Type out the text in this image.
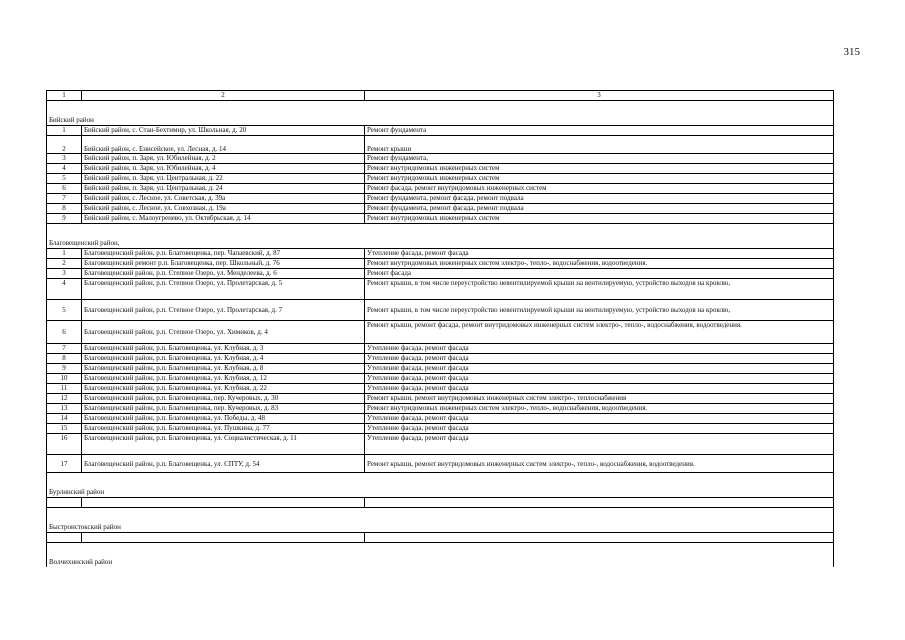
315
1	2	3

Бийский район		
1	Бийский район, с. Стан-Бехтимир, ул. Школьная, д. 20	Ремонт фундамента
2	Бийский район, с. Енисейское, ул. Лесная, д. 14	Ремонт крыши
3	Бийский район, п. Заря, ул. Юбилейная, д. 2	Ремонт фундамента,
4	Бийский район, п. Заря, ул. Юбилейная, д. 4	Ремонт внутридомовых инженерных систем
5	Бийский район, п. Заря, ул. Центральная, д. 22	Ремонт внутридомовых инженерных систем
6	Бийский район, п. Заря, ул. Центральная, д. 24	Ремонт фасада, ремонт внутридомовых инженерных систем
7	Бийский район, с. Лесное, ул. Советская, д. 39а	Ремонт фундамента, ремонт фасада, ремонт подвала
8	Бийский район, с. Лесное, ул. Совхозная, д. 19а	Ремонт фундамента, ремонт фасада, ремонт подвала
9	Бийский район, с. Малоугренево, ул. Октябрьская, д. 14	Ремонт внутридомовых инженерных систем

Благовещенский район,		
1	Благовещенский район, р.п. Благовещенка, пер. Чапаевский, д. 87	Утепление фасада, ремонт фасада
2	Благовещенский ремонт р.п. Благовещенка, пер. Школьный, д. 76	Ремонт внутридомовых инженерных систем электро-, тепло-, водоснабжения, водоотведения.
3	Благовещенский район, р.п. Степное Озеро, ул. Менделеева, д. 6	Ремонт фасада
4	Благовещенский район, р.п. Степное Озеро, ул. Пролетарская, д. 5	Ремонт крыши, в том числе переустройство невентилируемой крыши на вентилируемую, устройство выходов на кровлю,
5	Благовещенский район, р.п. Степное Озеро, ул. Пролетарская, д. 7	Ремонт крыши, в том числе переустройство невентилируемой крыши на вентилируемую, устройство выходов на кровлю,
6	Благовещенский район, р.п. Степное Озеро, ул. Химиков, д. 4	Ремонт крыши, ремонт фасада, ремонт внутридомовых инженерных систем электро-, тепло-, водоснабжения, водоотведения.
7	Благовещенский район, р.п. Благовещенка, ул. Клубная, д. 3	Утепление фасада, ремонт фасада
8	Благовещенский район, р.п. Благовещенка, ул. Клубная, д. 4	Утепление фасада, ремонт фасада
9	Благовещенский район, р.п. Благовещенка, ул. Клубная, д. 8	Утепление фасада, ремонт фасада
10	Благовещенский район, р.п. Благовещенка, ул. Клубная, д. 12	Утепление фасада, ремонт фасада
11	Благовещенский район, р.п. Благовещенка, ул. Клубная, д. 22	Утепление фасада, ремонт фасада
12	Благовещенский район, р.п. Благовещенка, пер. Кучеровых, д. 30	Ремонт крыши, ремонт внутридомовых инженерных систем электро-, теплоснабжения
13	Благовещенский район, р.п. Благовещенка, пер. Кучеровых, д. 83	Ремонт внутридомовых инженерных систем электро-, тепло-, водоснабжения, водоотведения.
14	Благовещенский район, р.п. Благовещенка, ул. Победы, д. 48	Утепление фасада, ремонт фасада
15	Благовещенский район, р.п. Благовещенка, ул. Пушкина, д. 77	Утепление фасада, ремонт фасада
16	Благовещенский район, р.п. Благовещенка, ул. Социалистическая, д. 11	Утепление фасада, ремонт фасада
17	Благовещенский район, р.п. Благовещенка, ул. СПТУ, д. 54	Ремонт крыши, ремонт внутридомовых инженерных систем электро-, тепло-, водоснабжения, водоотведения.

Бурлинский район		

Быстроистокский район		

Волчихинский район		
